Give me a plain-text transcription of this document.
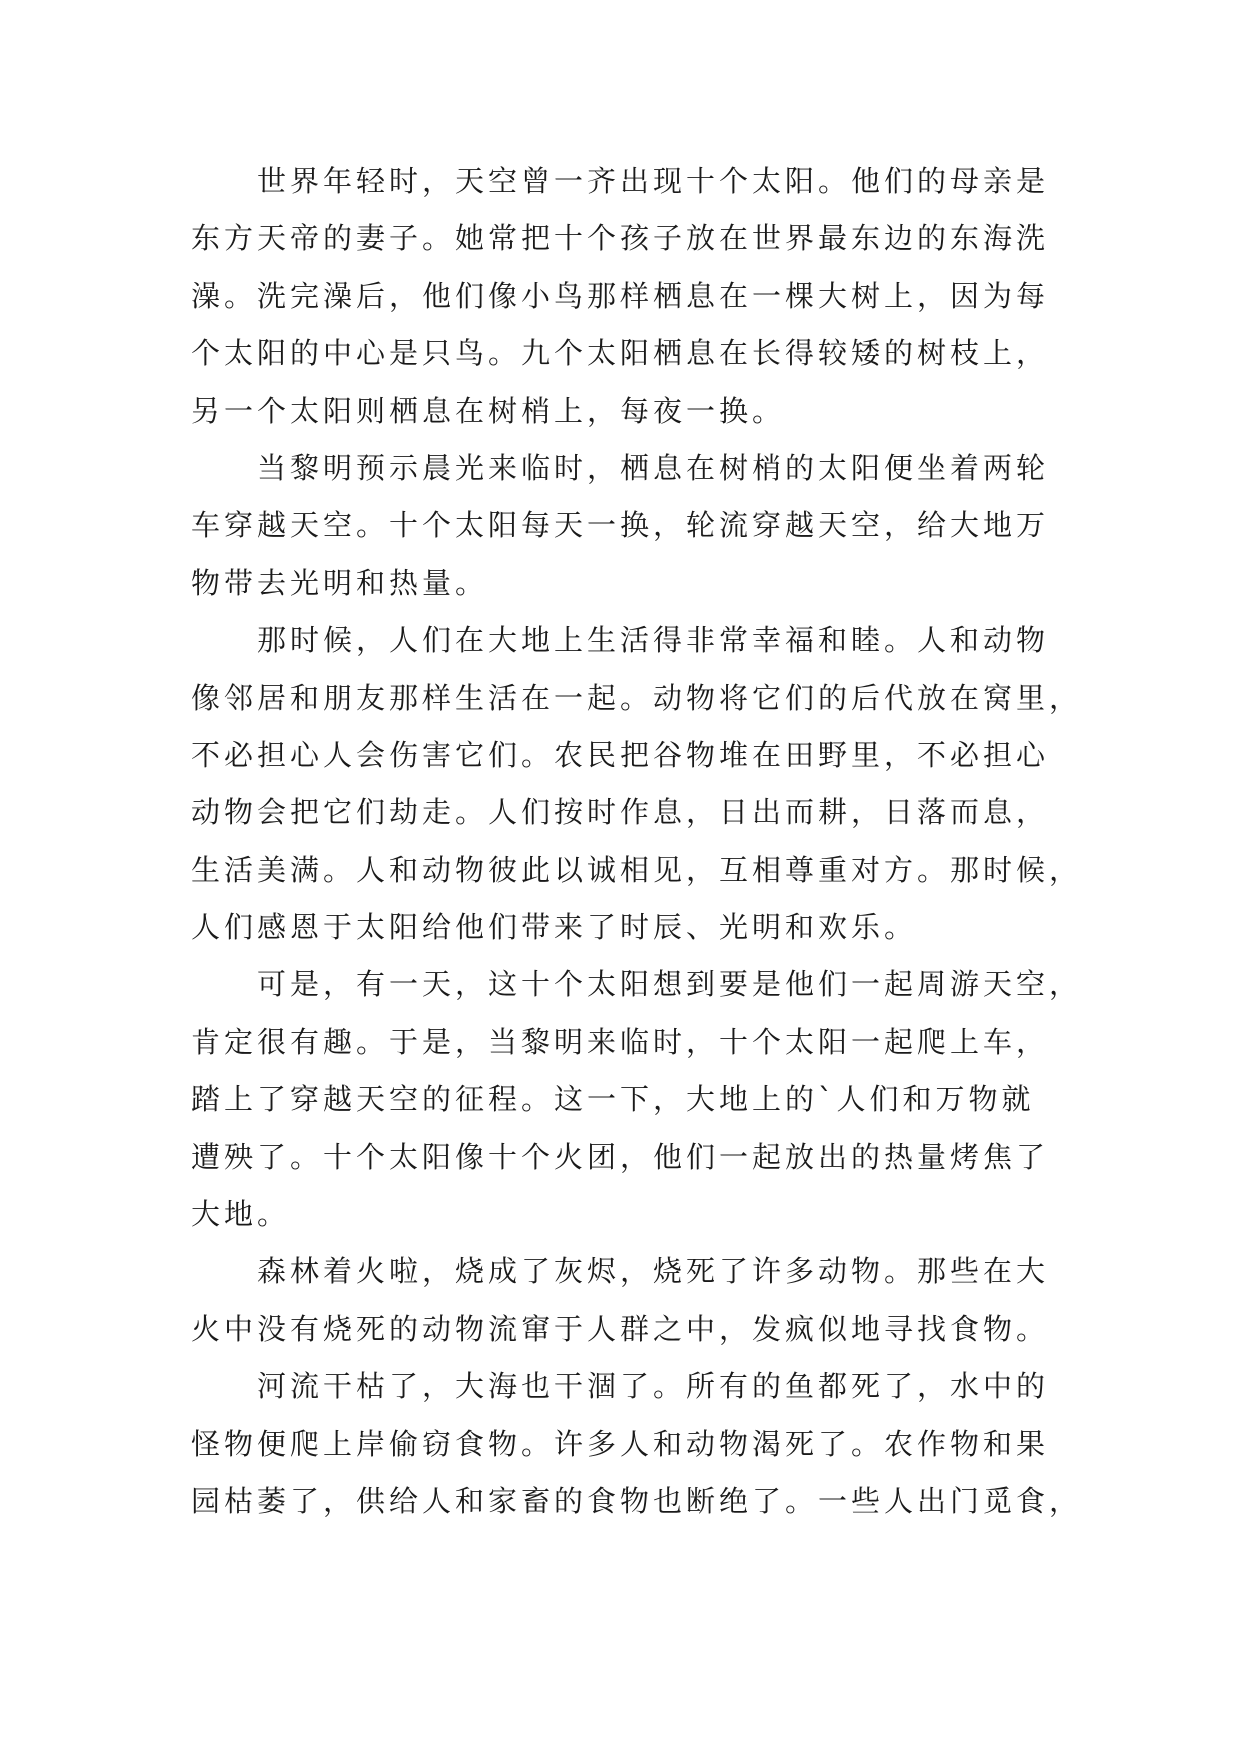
世界年轻时，天空曾一齐出现十个太阳。他们的母亲是
东方天帝的妻子。她常把十个孩子放在世界最东边的东海洗
澡。洗完澡后，他们像小鸟那样栖息在一棵大树上，因为每
个太阳的中心是只鸟。九个太阳栖息在长得较矮的树枝上，
另一个太阳则栖息在树梢上，每夜一换。
当黎明预示晨光来临时，栖息在树梢的太阳便坐着两轮
车穿越天空。十个太阳每天一换，轮流穿越天空，给大地万
物带去光明和热量。
那时候，人们在大地上生活得非常幸福和睦。人和动物
像邻居和朋友那样生活在一起。动物将它们的后代放在窝里，
不必担心人会伤害它们。农民把谷物堆在田野里，不必担心
动物会把它们劫走。人们按时作息，日出而耕，日落而息，
生活美满。人和动物彼此以诚相见，互相尊重对方。那时候，
人们感恩于太阳给他们带来了时辰、光明和欢乐。
可是，有一天，这十个太阳想到要是他们一起周游天空，
肯定很有趣。于是，当黎明来临时，十个太阳一起爬上车，
踏上了穿越天空的征程。这一下，大地上的`人们和万物就
遭殃了。十个太阳像十个火团，他们一起放出的热量烤焦了
大地。
森林着火啦，烧成了灰烬，烧死了许多动物。那些在大
火中没有烧死的动物流窜于人群之中，发疯似地寻找食物。
河流干枯了，大海也干涸了。所有的鱼都死了，水中的
怪物便爬上岸偷窃食物。许多人和动物渴死了。农作物和果
园枯萎了，供给人和家畜的食物也断绝了。一些人出门觅食，
